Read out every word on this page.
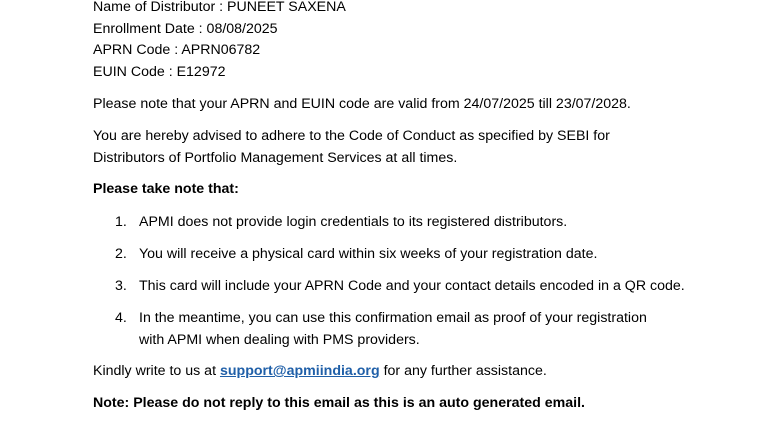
Name of Distributor : PUNEET SAXENA
Enrollment Date : 08/08/2025
APRN Code : APRN06782
EUIN Code : E12972
Please note that your APRN and EUIN code are valid from 24/07/2025 till 23/07/2028.
You are hereby advised to adhere to the Code of Conduct as specified by SEBI for
Distributors of Portfolio Management Services at all times.
Please take note that:
1. APMI does not provide login credentials to its registered distributors.
2. You will receive a physical card within six weeks of your registration date.
3. This card will include your APRN Code and your contact details encoded in a QR code.
4. In the meantime, you can use this confirmation email as proof of your registration
with APMI when dealing with PMS providers.
Kindly write to us at support@apmiindia.org for any further assistance.
Note: Please do not reply to this email as this is an auto generated email.
